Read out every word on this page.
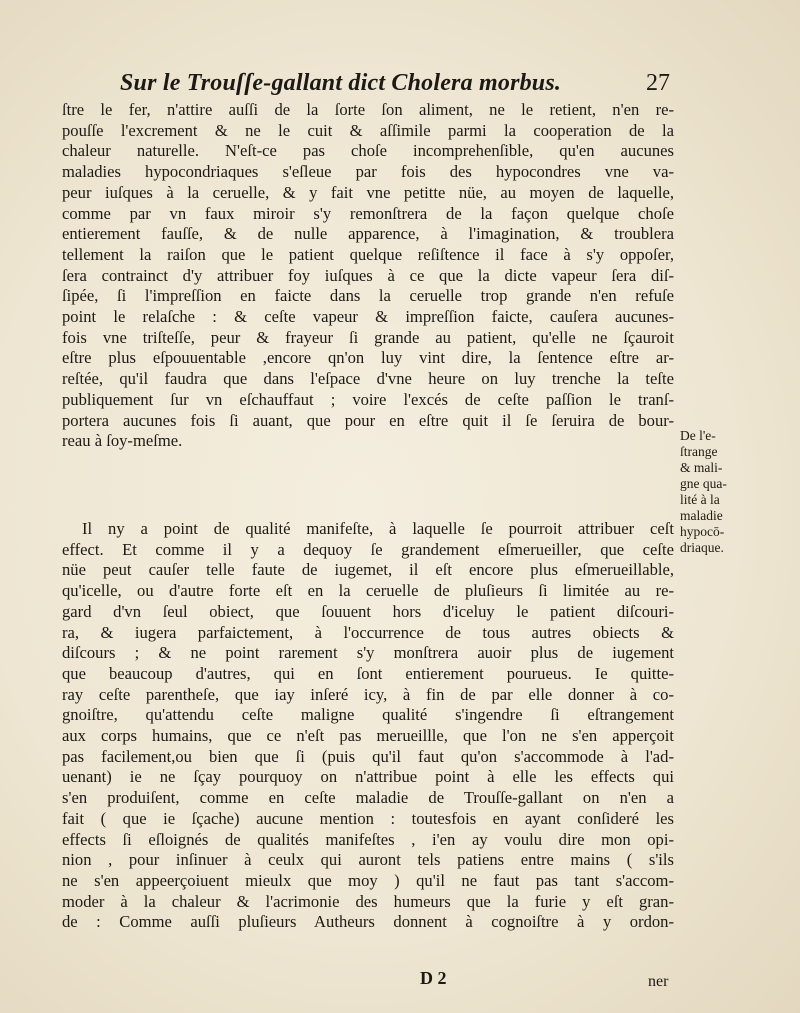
Sur le Trouſſe-gallant dict Cholera morbus.	27
ſtre le fer, n'attire auſſi de la ſorte ſon aliment, ne le retient, n'en re-
pouſſe l'excrement & ne le cuit & aſſimile parmi la cooperation de la
chaleur naturelle. N'eſt-ce pas choſe incomprehenſible, qu'en aucunes
maladies hypocondriaques s'eſleue par fois des hypocondres vne va-
peur iuſques à la ceruelle, & y fait vne petitte nüe, au moyen de laquelle,
comme par vn faux miroir s'y remonſtrera de la façon quelque choſe
entierement fauſſe, & de nulle apparence, à l'imagination, & troublera
tellement la raiſon que le patient quelque reſiſtence il face à s'y oppoſer,
ſera contrainct d'y attribuer foy iuſques à ce que la dicte vapeur ſera diſ-
ſipée, ſi l'impreſſion en faicte dans la ceruelle trop grande n'en refuſe
point le relaſche : & ceſte vapeur & impreſſion faicte, cauſera aucunes-
fois vne triſteſſe, peur & frayeur ſi grande au patient, qu'elle ne ſçauroit
eſtre plus eſpouuentable ,encore qn'on luy vint dire, la ſentence eſtre ar-
reſtée, qu'il faudra que dans l'eſpace d'vne heure on luy trenche la teſte
publiquement ſur vn eſchauffaut ; voire l'excés de ceſte paſſion le tranſ-
portera aucunes fois ſi auant, que pour en eſtre quit il ſe ſeruira de bour-
reau à ſoy-meſme.
Il ny a point de qualité manifeſte, à laquelle ſe pourroit attribuer ceſt
effect. Et comme il y a dequoy ſe grandement eſmerueiller, que ceſte
nüe peut cauſer telle faute de iugemet, il eſt encore plus eſmerueillable,
qu'icelle, ou d'autre forte eſt en la ceruelle de pluſieurs ſi limitée au re-
gard d'vn ſeul obiect, que ſouuent hors d'iceluy le patient diſcouri-
ra, & iugera parfaictement, à l'occurrence de tous autres obiects &
diſcours ; & ne point rarement s'y monſtrera auoir plus de iugement
que beaucoup d'autres, qui en ſont entierement pourueus. Ie quitte-
ray ceſte parentheſe, que iay inſeré icy, à fin de par elle donner à co-
gnoiſtre, qu'attendu ceſte maligne qualité s'ingendre ſi eſtrangement
aux corps humains, que ce n'eſt pas merueillle, que l'on ne s'en apperçoit
pas facilement,ou bien que ſi (puis qu'il faut qu'on s'accommode à l'ad-
uenant) ie ne ſçay pourquoy on n'attribue point à elle les effects qui
s'en produiſent, comme en ceſte maladie de Trouſſe-gallant on n'en a
fait ( que ie ſçache) aucune mention : toutesfois en ayant conſideré les
effects ſi eſloignés de qualités manifeſtes , i'en ay voulu dire mon opi-
nion , pour inſinuer à ceulx qui auront tels patiens entre mains ( s'ils
ne s'en appeerçoiuent mieulx que moy ) qu'il ne faut pas tant s'accom-
moder à la chaleur & l'acrimonie des humeurs que la furie y eſt gran-
de : Comme auſſi pluſieurs Autheurs donnent à cognoiſtre à y ordon-
De l'e-
ſtrange
& mali-
gne qua-
lité à la
maladie
hypocō-
driaque.
D 2	ner
